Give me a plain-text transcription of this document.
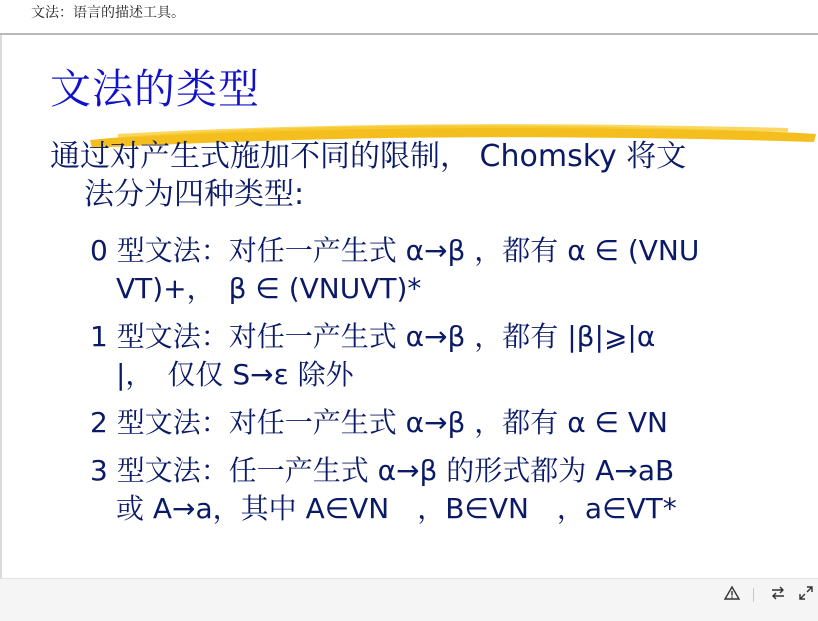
文法：语言的描述工具。
文法的类型
通过对产生式施加不同的限制， Chomsky 将文
法分为四种类型:
0 型文法：对任一产生式 α→β ，都有 α ∈ (VNU
VT)+，　β ∈ (VNUVT)*
1 型文法：对任一产生式 α→β ，都有 |β|⩾|α
|，　仅仅 S→ε 除外
2 型文法：对任一产生式 α→β ，都有 α ∈ VN
3 型文法：任一产生式 α→β 的形式都为 A→aB
或 A→a，其中 A∈VN　，B∈VN　，a∈VT*
